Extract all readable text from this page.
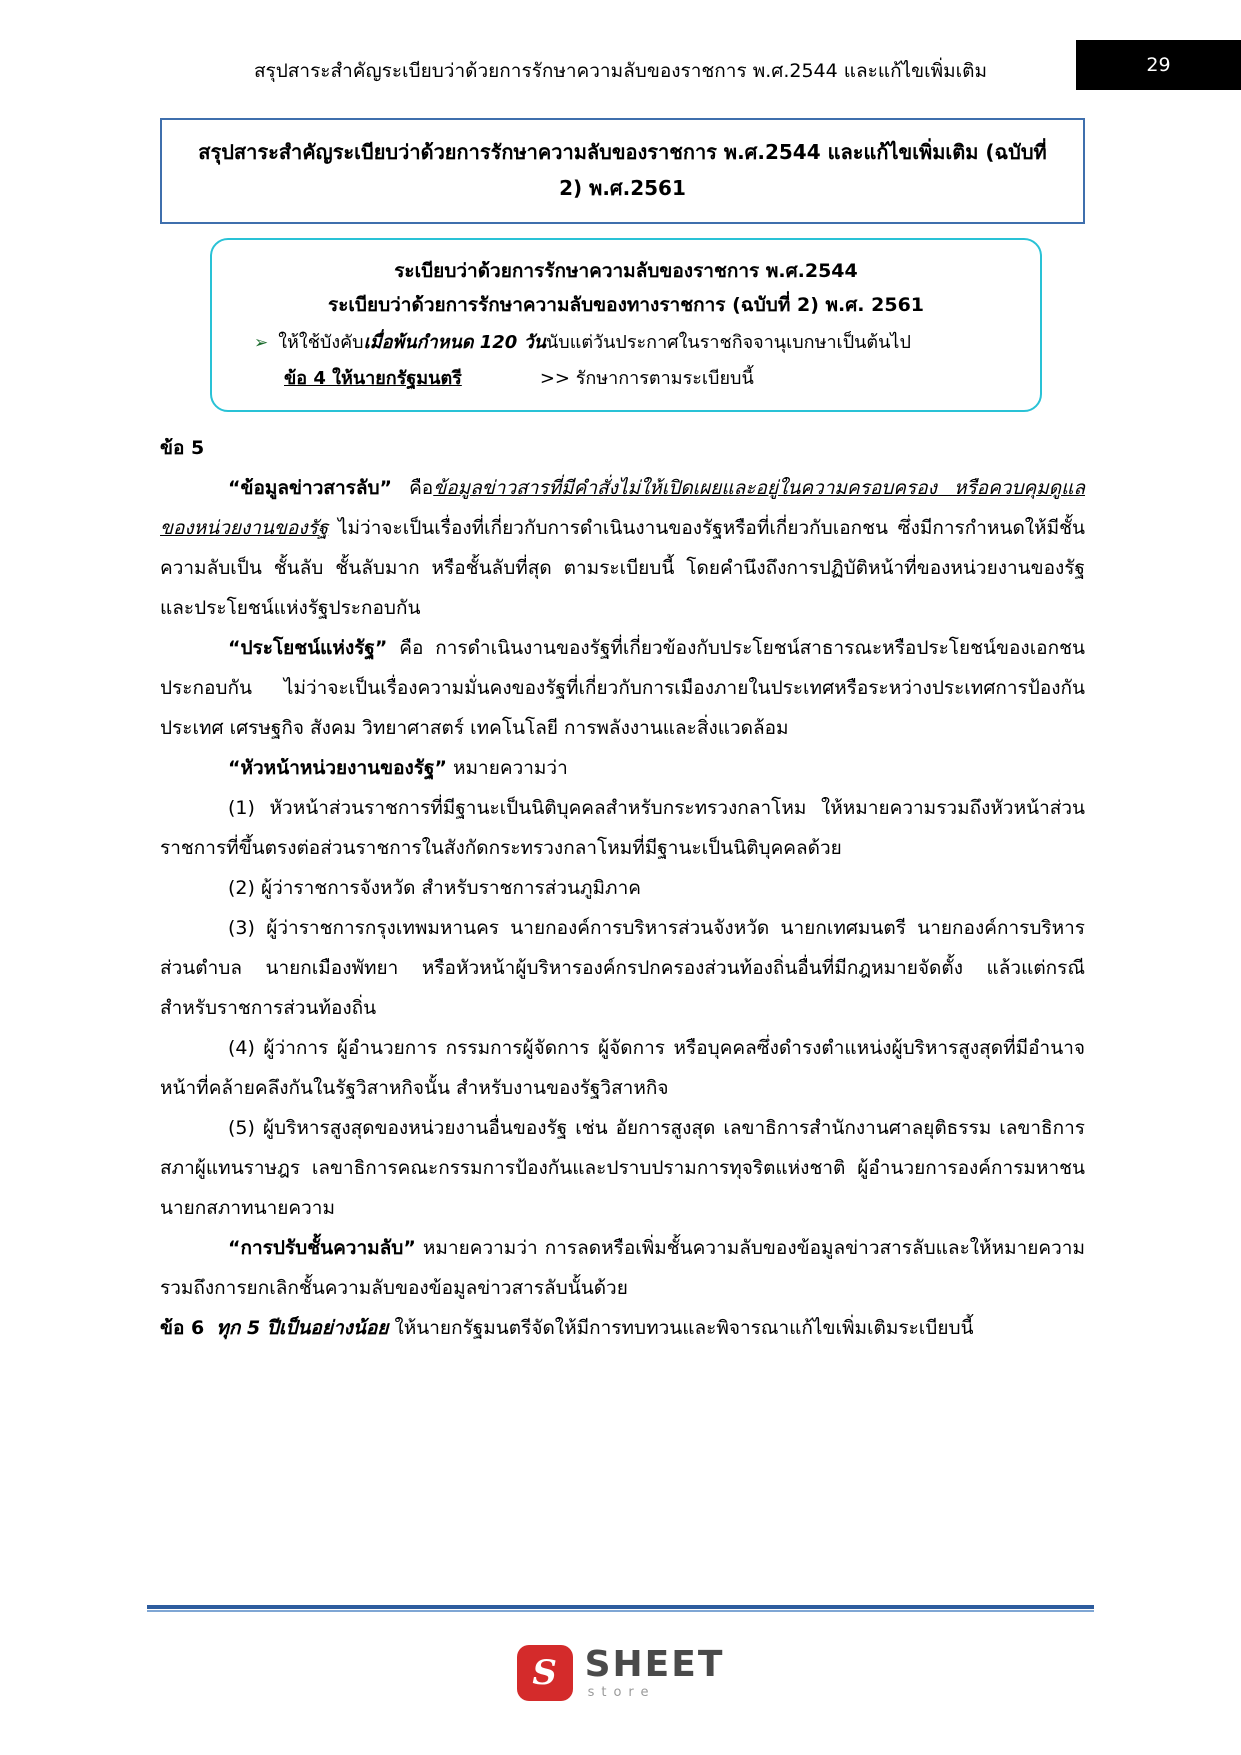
สรุปสาระสำคัญระเบียบว่าด้วยการรักษาความลับของราชการ พ.ศ.2544 และแก้ไขเพิ่มเติม	29
สรุปสาระสำคัญระเบียบว่าด้วยการรักษาความลับของราชการ พ.ศ.2544 และแก้ไขเพิ่มเติม (ฉบับที่
2) พ.ศ.2561
ระเบียบว่าด้วยการรักษาความลับของราชการ พ.ศ.2544
ระเบียบว่าด้วยการรักษาความลับของทางราชการ (ฉบับที่ 2) พ.ศ. 2561
➢ ให้ใช้บังคับเมื่อพ้นกำหนด 120 วันนับแต่วันประกาศในราชกิจจานุเบกษาเป็นต้นไป
ข้อ 4 ให้นายกรัฐมนตรี	>> รักษาการตามระเบียบนี้

ข้อ 5

“ข้อมูลข่าวสารลับ” คือข้อมูลข่าวสารที่มีคำสั่งไม่ให้เปิดเผยและอยู่ในความครอบครอง หรือควบคุมดูแลของหน่วยงานของรัฐ ไม่ว่าจะเป็นเรื่องที่เกี่ยวกับการดำเนินงานของรัฐหรือที่เกี่ยวกับเอกชน ซึ่งมีการกำหนดให้มีชั้นความลับเป็น ชั้นลับ ชั้นลับมาก หรือชั้นลับที่สุด ตามระเบียบนี้ โดยคำนึงถึงการปฏิบัติหน้าที่ของหน่วยงานของรัฐและประโยชน์แห่งรัฐประกอบกัน

“ประโยชน์แห่งรัฐ” คือ การดำเนินงานของรัฐที่เกี่ยวข้องกับประโยชน์สาธารณะหรือประโยชน์ของเอกชนประกอบกัน ไม่ว่าจะเป็นเรื่องความมั่นคงของรัฐที่เกี่ยวกับการเมืองภายในประเทศหรือระหว่างประเทศการป้องกันประเทศ เศรษฐกิจ สังคม วิทยาศาสตร์ เทคโนโลยี การพลังงานและสิ่งแวดล้อม

“หัวหน้าหน่วยงานของรัฐ” หมายความว่า

(1) หัวหน้าส่วนราชการที่มีฐานะเป็นนิติบุคคลสำหรับกระทรวงกลาโหม ให้หมายความรวมถึงหัวหน้าส่วนราชการที่ขึ้นตรงต่อส่วนราชการในสังกัดกระทรวงกลาโหมที่มีฐานะเป็นนิติบุคคลด้วย

(2) ผู้ว่าราชการจังหวัด สำหรับราชการส่วนภูมิภาค

(3) ผู้ว่าราชการกรุงเทพมหานคร นายกองค์การบริหารส่วนจังหวัด นายกเทศมนตรี นายกองค์การบริหารส่วนตำบล นายกเมืองพัทยา หรือหัวหน้าผู้บริหารองค์กรปกครองส่วนท้องถิ่นอื่นที่มีกฎหมายจัดตั้ง แล้วแต่กรณี สำหรับราชการส่วนท้องถิ่น

(4) ผู้ว่าการ ผู้อำนวยการ กรรมการผู้จัดการ ผู้จัดการ หรือบุคคลซึ่งดำรงตำแหน่งผู้บริหารสูงสุดที่มีอำนาจหน้าที่คล้ายคลึงกันในรัฐวิสาหกิจนั้น สำหรับงานของรัฐวิสาหกิจ

(5) ผู้บริหารสูงสุดของหน่วยงานอื่นของรัฐ เช่น อัยการสูงสุด เลขาธิการสำนักงานศาลยุติธรรม เลขาธิการสภาผู้แทนราษฎร เลขาธิการคณะกรรมการป้องกันและปราบปรามการทุจริตแห่งชาติ ผู้อำนวยการองค์การมหาชน นายกสภาทนายความ

“การปรับชั้นความลับ” หมายความว่า การลดหรือเพิ่มชั้นความลับของข้อมูลข่าวสารลับและให้หมายความรวมถึงการยกเลิกชั้นความลับของข้อมูลข่าวสารลับนั้นด้วย

ข้อ 6 ทุก 5 ปีเป็นอย่างน้อย ให้นายกรัฐมนตรีจัดให้มีการทบทวนและพิจารณาแก้ไขเพิ่มเติมระเบียบนี้

S SHEET
store
